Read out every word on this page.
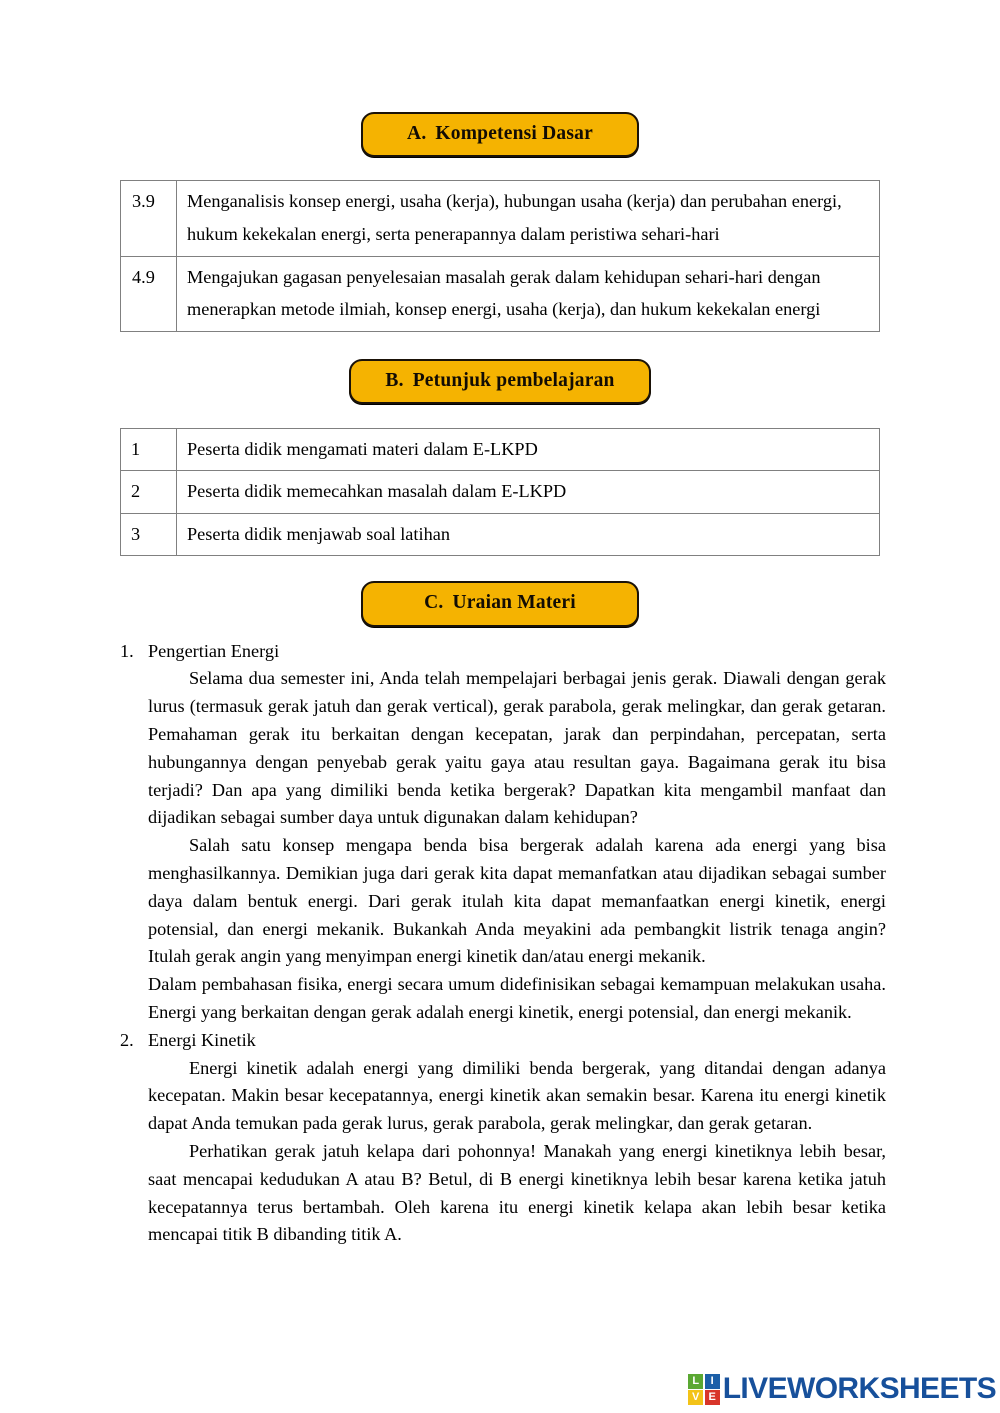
A. Kompetensi Dasar
3.9	Menganalisis konsep energi, usaha (kerja), hubungan usaha (kerja) dan perubahan energi, hukum kekekalan energi, serta penerapannya dalam peristiwa sehari-hari
4.9	Mengajukan gagasan penyelesaian masalah gerak dalam kehidupan sehari-hari dengan menerapkan metode ilmiah, konsep energi, usaha (kerja), dan hukum kekekalan energi
B. Petunjuk pembelajaran
1	Peserta didik mengamati materi dalam E-LKPD
2	Peserta didik memecahkan masalah dalam E-LKPD
3	Peserta didik menjawab soal latihan
C. Uraian Materi
1. Pengertian Energi

Selama dua semester ini, Anda telah mempelajari berbagai jenis gerak. Diawali dengan gerak lurus (termasuk gerak jatuh dan gerak vertical), gerak parabola, gerak melingkar, dan gerak getaran. Pemahaman gerak itu berkaitan dengan kecepatan, jarak dan perpindahan, percepatan, serta hubungannya dengan penyebab gerak yaitu gaya atau resultan gaya. Bagaimana gerak itu bisa terjadi? Dan apa yang dimiliki benda ketika bergerak? Dapatkan kita mengambil manfaat dan dijadikan sebagai sumber daya untuk digunakan dalam kehidupan?

Salah satu konsep mengapa benda bisa bergerak adalah karena ada energi yang bisa menghasilkannya. Demikian juga dari gerak kita dapat memanfatkan atau dijadikan sebagai sumber daya dalam bentuk energi. Dari gerak itulah kita dapat memanfaatkan energi kinetik, energi potensial, dan energi mekanik. Bukankah Anda meyakini ada pembangkit listrik tenaga angin? Itulah gerak angin yang menyimpan energi kinetik dan/atau energi mekanik.

Dalam pembahasan fisika, energi secara umum didefinisikan sebagai kemampuan melakukan usaha. Energi yang berkaitan dengan gerak adalah energi kinetik, energi potensial, dan energi mekanik.

2. Energi Kinetik

Energi kinetik adalah energi yang dimiliki benda bergerak, yang ditandai dengan adanya kecepatan. Makin besar kecepatannya, energi kinetik akan semakin besar. Karena itu energi kinetik dapat Anda temukan pada gerak lurus, gerak parabola, gerak melingkar, dan gerak getaran.

Perhatikan gerak jatuh kelapa dari pohonnya! Manakah yang energi kinetiknya lebih besar, saat mencapai kedudukan A atau B? Betul, di B energi kinetiknya lebih besar karena ketika jatuh kecepatannya terus bertambah. Oleh karena itu energi kinetik kelapa akan lebih besar ketika mencapai titik B dibanding titik A.

L	I
V E LIVEWORKSHEETS
